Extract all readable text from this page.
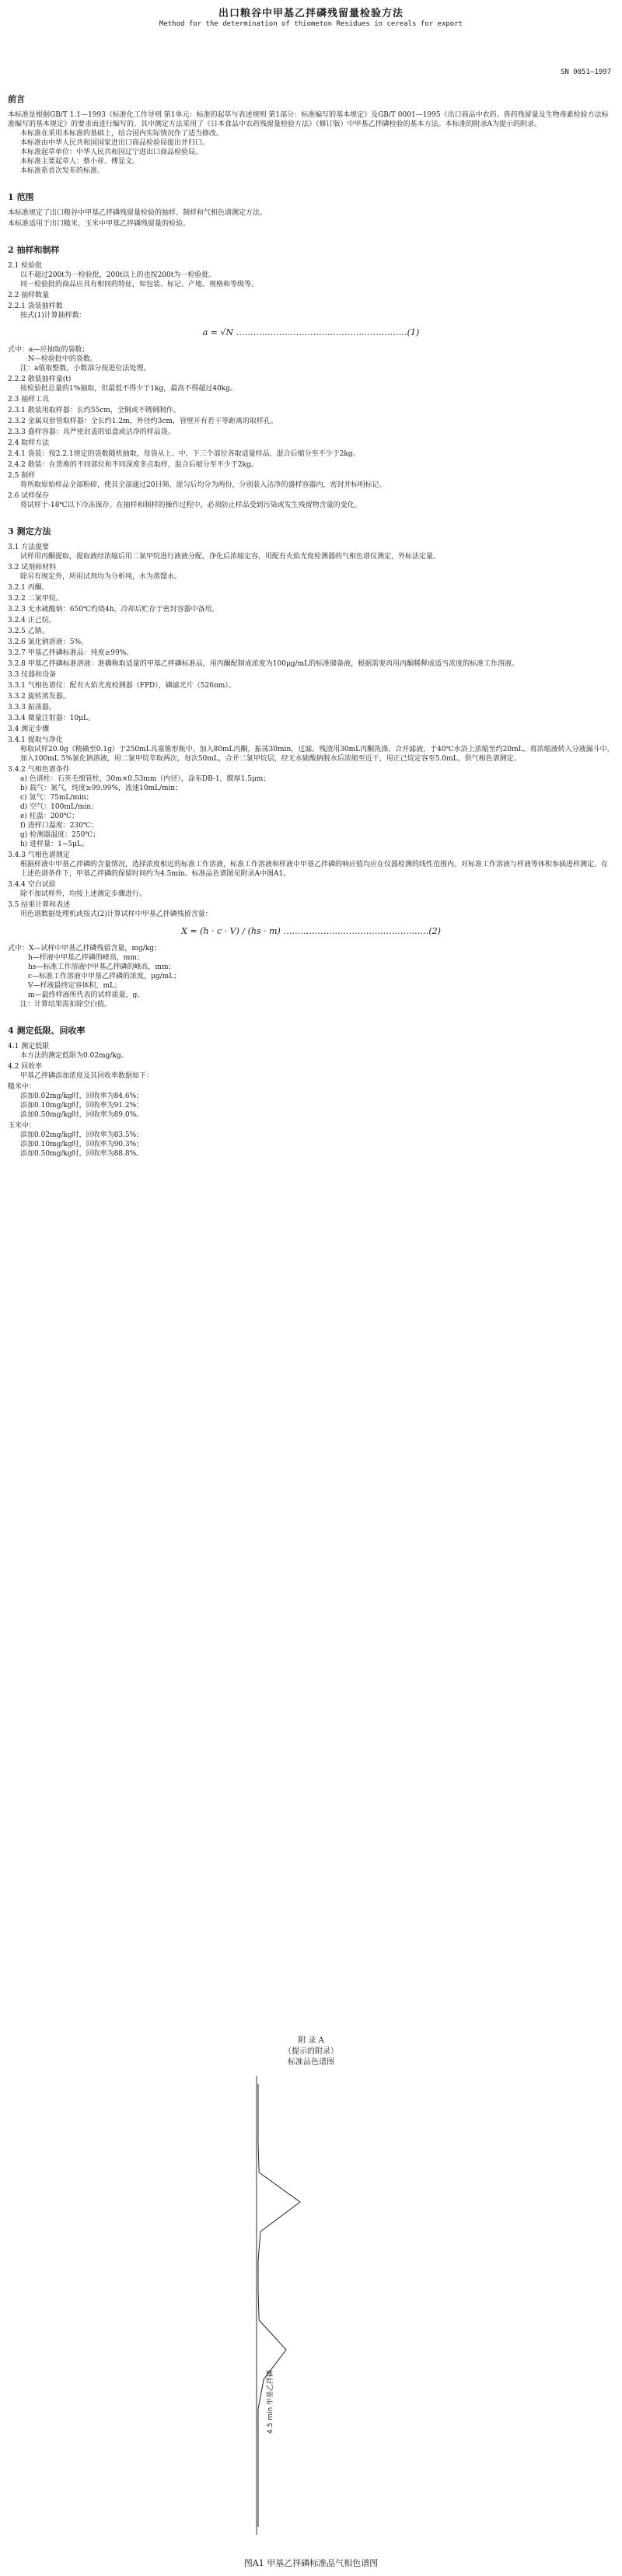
出口粮谷中甲基乙拌磷残留量检验方法
Method for the determination of thiometon Residues in cereals for export
SN 0051—1997

前言

本标准是根据GB/T 1.1—1993《标准化工作导则 第1单元：标准的起草与表述规则 第1部分：标准编写的基本规定》及GB/T 0001—1995《出口商品中农药、兽药残留量及生物毒素检验方法标准编写的基本规定》的要求而进行编写的。其中测定方法采用了《日本食品中农药残留量检验方法》（修订版）中甲基乙拌磷检验的基本方法。本标准的附录A为提示的附录。

本标准在采用本标准的基础上，结合国内实际情况作了适当修改。

本标准由中华人民共和国国家进出口商品检验局提出并归口。

本标准起草单位：中华人民共和国辽宁进出口商品检验局。

本标准主要起草人：蔡小祥、傅显文。

本标准系首次发布的标准。

1 范围

本标准规定了出口粮谷中甲基乙拌磷残留量检验的抽样、制样和气相色谱测定方法。

本标准适用于出口糙米、玉米中甲基乙拌磷残留量的检验。

2 抽样和制样

2.1 检验批

以不超过200t为一检验批，200t以上的也按200t为一检验批。

同一检验批的商品应具有相同的特征，如包装、标记、产地、规格和等级等。

2.2 抽样数量

2.2.1 袋装抽样数

按式(1)计算抽样数：

a = √N ……………………………………………………(1)

式中：a—应抽取的袋数；

N—检验批中的袋数。

注：a值取整数，小数部分按进位法处理。

2.2.2 散装抽样量(t)

按检验批总量的1%抽取，但最低不得少于1kg，最高不得超过40kg。

2.3 抽样工具

2.3.1 散装用取样器：长约55cm，全铜或不锈钢制作。

2.3.2 金属双套管取样器：全长约1.2m，外径约3cm，管壁开有若干等距离的取样孔。

2.3.3 盛样容器：具严密封盖的铝盒或洁净的样品袋。

2.4 取样方法

2.4.1 袋装：按2.2.1规定的袋数随机抽取，每袋从上、中、下三个部位各取适量样品，混合后缩分至不少于2kg。

2.4.2 散装：在货堆的不同部位和不同深度多点取样，混合后缩分至不少于2kg。

2.5 制样

将所取原始样品全部粉碎，使其全部通过20目筛，混匀后均分为两份，分别装入洁净的盛样容器内，密封并标明标记。

2.6 试样保存

将试样于-18℃以下冷冻保存。在抽样和制样的操作过程中，必须防止样品受到污染或发生残留物含量的变化。

3 测定方法

3.1 方法提要

试样用丙酮提取，提取液经浓缩后用二氯甲烷进行液液分配，净化后浓缩定容，用配有火焰光度检测器的气相色谱仪测定，外标法定量。

3.2 试剂和材料

除另有规定外，所用试剂均为分析纯，水为蒸馏水。

3.2.1 丙酮。

3.2.2 二氯甲烷。

3.2.3 无水硫酸钠：650℃灼烧4h，冷却后贮存于密封容器中备用。

3.2.4 正己烷。

3.2.5 乙腈。

3.2.6 氯化钠溶液：5%。

3.2.7 甲基乙拌磷标准品：纯度≥99%。

3.2.8 甲基乙拌磷标准溶液：准确称取适量的甲基乙拌磷标准品，用丙酮配制成浓度为100μg/mL的标准储备液，根据需要再用丙酮稀释成适当浓度的标准工作溶液。

3.3 仪器和设备

3.3.1 气相色谱仪：配有火焰光度检测器（FPD），磷滤光片（526nm）。

3.3.2 旋转蒸发器。

3.3.3 振荡器。

3.3.4 微量注射器：10μL。

3.4 测定步骤

3.4.1 提取与净化

称取试样20.0g（精确至0.1g）于250mL具塞锥形瓶中，加入80mL丙酮，振荡30min，过滤。残渣用30mL丙酮洗涤，合并滤液，于40℃水浴上浓缩至约20mL。将浓缩液转入分液漏斗中，加入100mL 5%氯化钠溶液，用二氯甲烷萃取两次，每次50mL，合并二氯甲烷层，经无水硫酸钠脱水后浓缩至近干，用正己烷定容至5.0mL，供气相色谱测定。

3.4.2 气相色谱条件

a) 色谱柱：石英毛细管柱，30m×0.53mm（内径），涂布DB-1，膜厚1.5μm；

b) 载气：氮气，纯度≥99.99%，流速10mL/min；

c) 氢气：75mL/min；

d) 空气：100mL/min；

e) 柱温：200℃；

f) 进样口温度：230℃；

g) 检测器温度：250℃；

h) 进样量：1~5μL。

3.4.3 气相色谱测定

根据样液中甲基乙拌磷的含量情况，选择浓度相近的标准工作溶液，标准工作溶液和样液中甲基乙拌磷的响应值均应在仪器检测的线性范围内。对标准工作溶液与样液等体积参插进样测定。在上述色谱条件下，甲基乙拌磷的保留时间约为4.5min。标准品色谱图见附录A中图A1。

3.4.4 空白试验

除不加试样外，均按上述测定步骤进行。

3.5 结果计算和表述

用色谱数据处理机或按式(2)计算试样中甲基乙拌磷残留含量：

X = (h · c · V) / (hs · m) ……………………………………………(2)

式中：X—试样中甲基乙拌磷残留含量，mg/kg；

h—样液中甲基乙拌磷的峰高，mm；

hs—标准工作溶液中甲基乙拌磷的峰高，mm；

c—标准工作溶液中甲基乙拌磷的浓度，μg/mL；

V—样液最终定容体积，mL；

m—最终样液所代表的试样质量，g。

注：计算结果需扣除空白值。

4 测定低限、回收率

4.1 测定低限

本方法的测定低限为0.02mg/kg。

4.2 回收率

甲基乙拌磷添加浓度及其回收率数据如下：

糙米中：

添加0.02mg/kg时，回收率为84.6%；

添加0.10mg/kg时，回收率为91.2%；

添加0.50mg/kg时，回收率为89.0%。

玉米中：

添加0.02mg/kg时，回收率为83.5%；

添加0.10mg/kg时，回收率为90.3%；

添加0.50mg/kg时，回收率为88.8%。

附 录 A
（提示的附录）
标准品色谱图
4.5 min 甲基乙拌磷
图A1 甲基乙拌磷标准品气相色谱图
